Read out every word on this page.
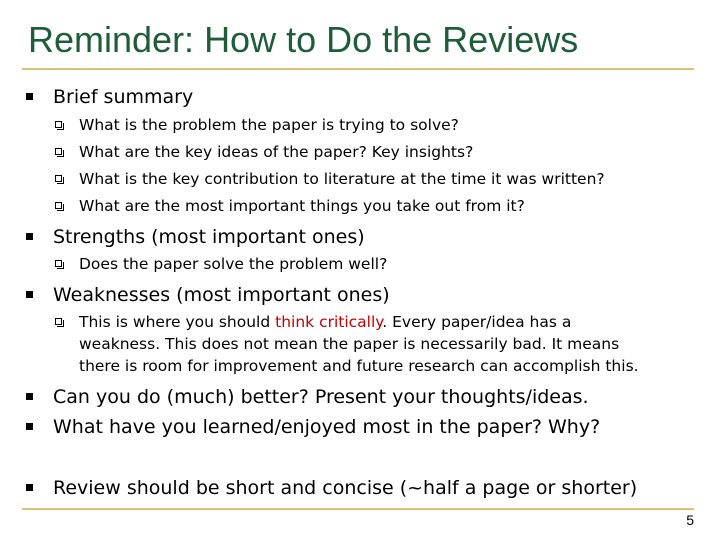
Reminder: How to Do the Reviews
Brief summary
What is the problem the paper is trying to solve?
What are the key ideas of the paper? Key insights?
What is the key contribution to literature at the time it was written?
What are the most important things you take out from it?
Strengths (most important ones)
Does the paper solve the problem well?
Weaknesses (most important ones)
This is where you should think critically. Every paper/idea has a
weakness. This does not mean the paper is necessarily bad. It means
there is room for improvement and future research can accomplish this.
Can you do (much) better? Present your thoughts/ideas.
What have you learned/enjoyed most in the paper? Why?
Review should be short and concise (~half a page or shorter)
5
